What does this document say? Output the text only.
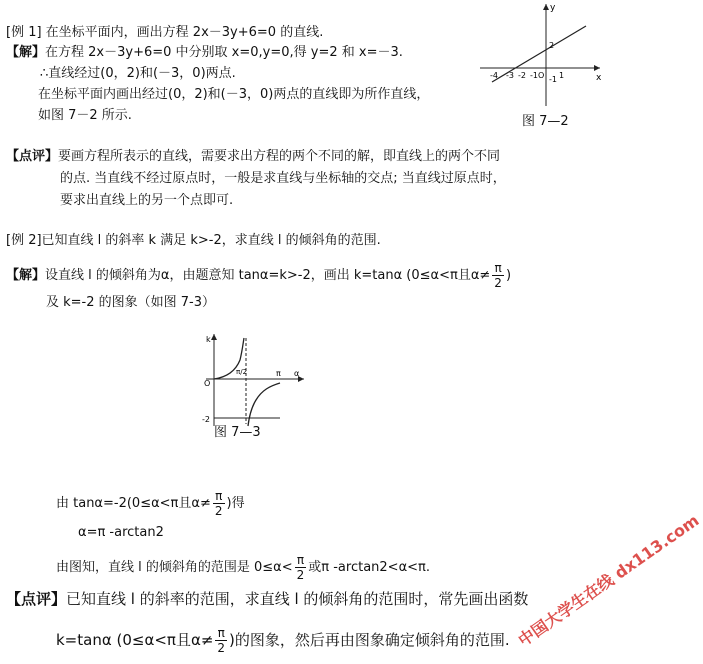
[例 1] 在坐标平面内，画出方程 2x－3y+6=0 的直线.
【解】在方程 2x－3y+6=0 中分别取 x=0,y=0,得 y=2 和 x=－3.
∴直线经过(0，2)和(－3，0)两点.
在坐标平面内画出经过(0，2)和(－3，0)两点的直线即为所作直线，
如图 7－2 所示.
y
x
O
2
-1
-4 -3 -2 -1	1
图 7—2
【点评】要画方程所表示的直线，需要求出方程的两个不同的解，即直线上的两个不同
的点. 当直线不经过原点时，一般是求直线与坐标轴的交点; 当直线过原点时，
要求出直线上的另一个点即可.
[例 2]已知直线 l 的斜率 k 满足 k>-2，求直线 l 的倾斜角的范围.
【解】设直线 l 的倾斜角为α，由题意知 tanα=k>-2，画出 k=tanα (0≤α<π且$\alpha\ne \frac{\pi}{2}$ )
及 k=-2 的图象（如图 7-3）
k
O
π/2	π α
-2
图 7—3
由 tanα=-2(0≤α<π且$\alpha\ne \frac{\pi}{2}$ )得
α=π -arctan2
由图知，直线 l 的倾斜角的范围是 $0\le\alpha< \frac{\pi}{2}$ 或π -arctan2<α<π.
【点评】已知直线 l 的斜率的范围，求直线 l 的倾斜角的范围时，常先画出函数
k=tanα (0≤α<π且$\alpha\ne \frac{\pi}{2}$ )的图象，然后再由图象确定倾斜角的范围. 中国大学生在线 dx113.com
